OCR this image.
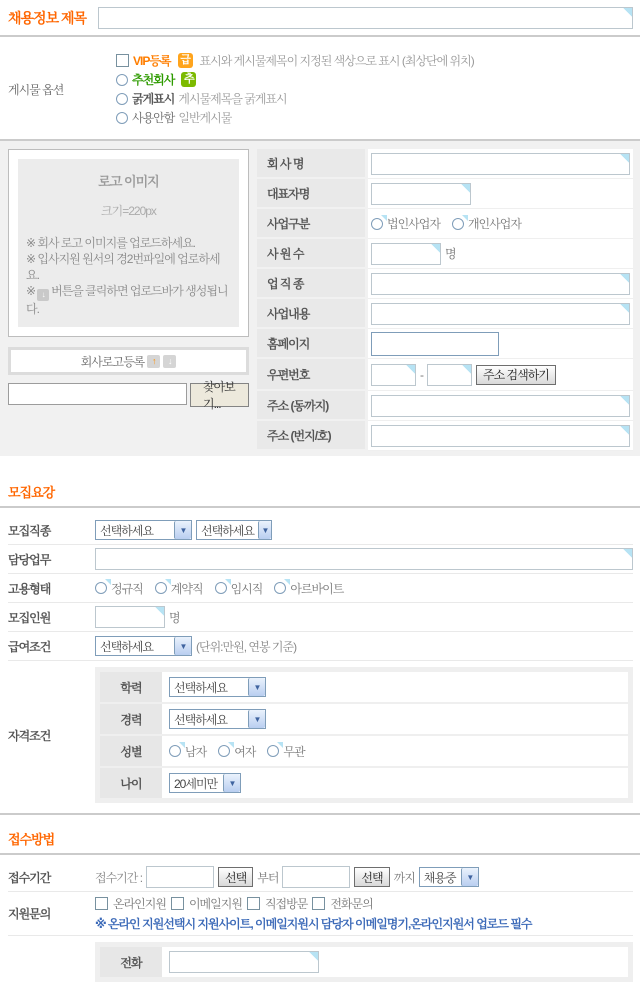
채용정보 제목
게시물 옵션
VIP등록 급 표시와 게시물제목이 지정된 색상으로 표시 (최상단에 위치)
추천회사 추
굵게표시 게시물제목을 굵게표시
사용안함 일반게시물
로고 이미지
크기=220px
※ 회사 로고 이미지를 업로드하세요.
※ 입사지원 원서의 경2번파일에 업로하세요.
※ ↓ 버튼을 클릭하면 업로드바가 생성됩니다.
회사로고등록 ↑	↓
찾아보기...
회 사 명
대표자명
사업구분	법인사업자 개인사업자
사 원 수	명
업 직 종
사업내용
홈페이지
우편번호	-	주소 검색하기
주소 (동까지)
주소 (번지/호)
모집요강
모집직종	선택하세요	▼	선택하세요 ▼
담당업무
고용형태	정규직 계약직 임시직 아르바이트
모집인원	명
급여조건	선택하세요	▼ (단위:만원, 연봉 기준)
자격조건
학력	선택하세요	▼
경력	선택하세요	▼
성별	남자 여자 무관
나이	20세미만	▼
접수방법
접수기간	접수기간 :	선택 부터	선택 까지 채용중	▼
지원문의
온라인지원 이메일지원 직접방문 전화문의
※ 온라인 지원선택시 지원사이트, 이메일지원시 담당자 이메일명기,온라인지원서 업로드 필수
전화
